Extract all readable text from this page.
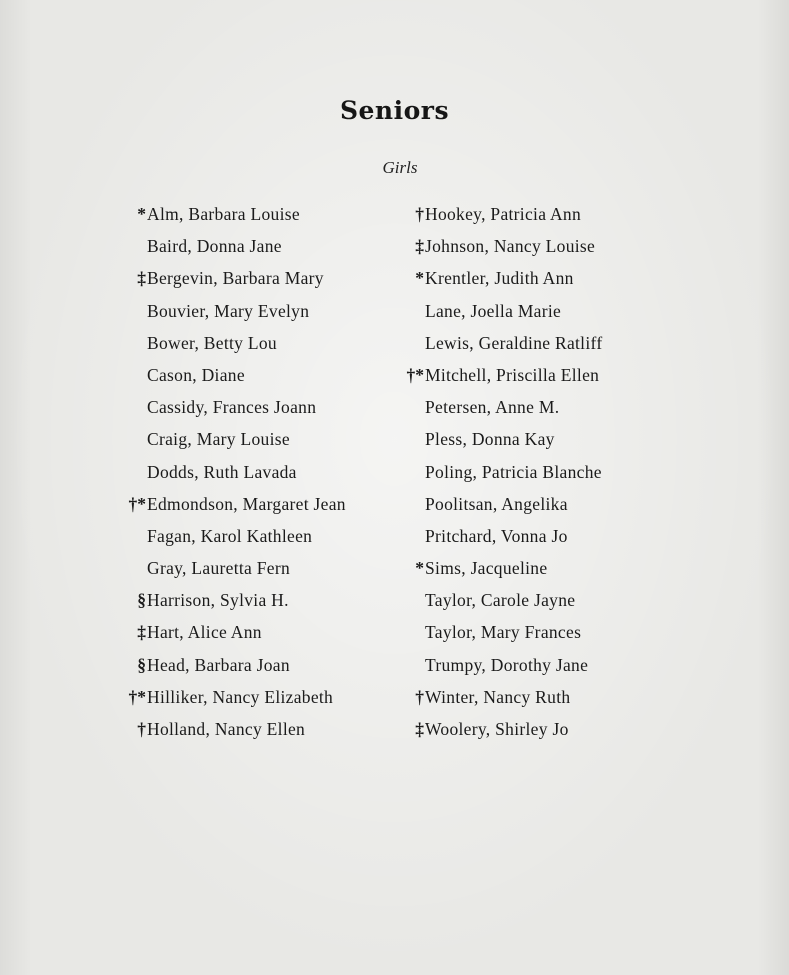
Seniors
Girls
*Alm, Barbara Louise
Baird, Donna Jane
‡Bergevin, Barbara Mary
Bouvier, Mary Evelyn
Bower, Betty Lou
Cason, Diane
Cassidy, Frances Joann
Craig, Mary Louise
Dodds, Ruth Lavada
†*Edmondson, Margaret Jean
Fagan, Karol Kathleen
Gray, Lauretta Fern
§Harrison, Sylvia H.
‡Hart, Alice Ann
§Head, Barbara Joan
†*Hilliker, Nancy Elizabeth
†Holland, Nancy Ellen
†Hookey, Patricia Ann
‡Johnson, Nancy Louise
*Krentler, Judith Ann
Lane, Joella Marie
Lewis, Geraldine Ratliff
†*Mitchell, Priscilla Ellen
Petersen, Anne M.
Pless, Donna Kay
Poling, Patricia Blanche
Poolitsan, Angelika
Pritchard, Vonna Jo
*Sims, Jacqueline
Taylor, Carole Jayne
Taylor, Mary Frances
Trumpy, Dorothy Jane
†Winter, Nancy Ruth
‡Woolery, Shirley Jo
